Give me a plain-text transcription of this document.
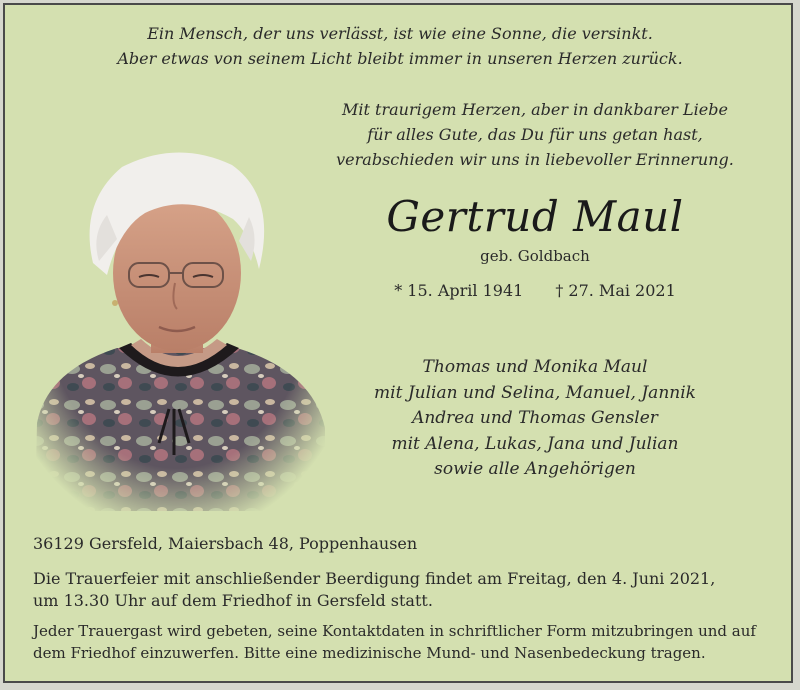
Ein Mensch, der uns verlässt, ist wie eine Sonne, die versinkt.
Aber etwas von seinem Licht bleibt immer in unseren Herzen zurück.
Mit traurigem Herzen, aber in dankbarer Liebe
für alles Gute, das Du für uns getan hast,
verabschieden wir uns in liebevoller Erinnerung.
Gertrud Maul
geb. Goldbach
* 15. April 1941 † 27. Mai 2021
Thomas und Monika Maul
mit Julian und Selina, Manuel, Jannik
Andrea und Thomas Gensler
mit Alena, Lukas, Jana und Julian
sowie alle Angehörigen
36129 Gersfeld, Maiersbach 48, Poppenhausen
Die Trauerfeier mit anschließender Beerdigung findet am Freitag, den 4. Juni 2021,
um 13.30 Uhr auf dem Friedhof in Gersfeld statt.
Jeder Trauergast wird gebeten, seine Kontaktdaten in schriftlicher Form mitzubringen und auf
dem Friedhof einzuwerfen. Bitte eine medizinische Mund- und Nasenbedeckung tragen.
